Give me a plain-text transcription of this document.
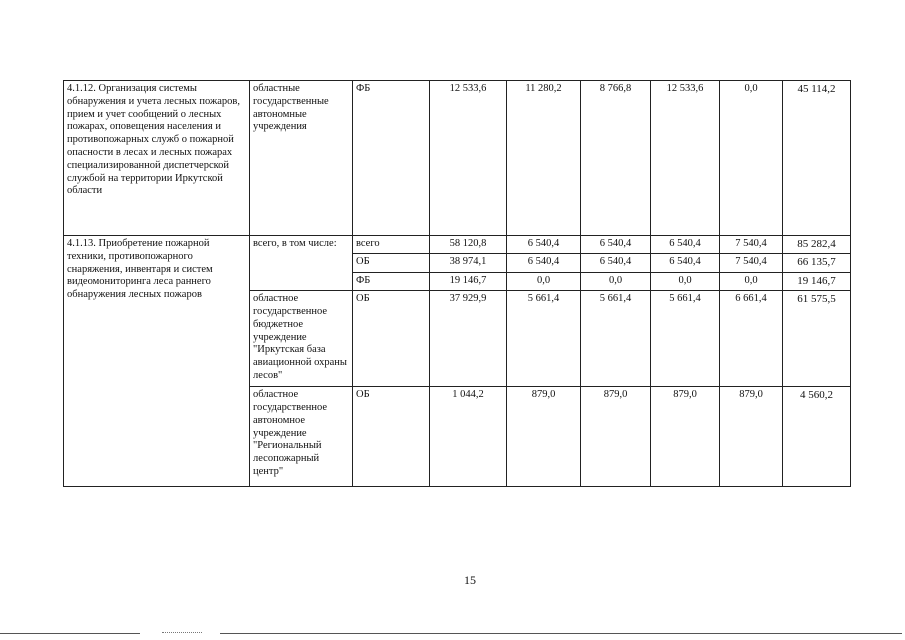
4.1.12. Организация системы обнаружения и учета лесных пожаров, прием и учет сообщений о лесных пожарах, оповещения населения и противопожарных служб о пожарной опасности в лесах и лесных пожарах специализированной диспетчерской службой на территории Иркутской области	областные государственные автономные учреждения	ФБ	12 533,6	11 280,2	8 766,8	12 533,6	0,0	45 114,2
4.1.13. Приобретение пожарной техники, противопожарного снаряжения, инвентаря и систем видеомониторинга леса раннего обнаружения лесных пожаров	всего, в том числе:	всего	58 120,8	6 540,4	6 540,4	6 540,4	7 540,4	85 282,4
		ОБ	38 974,1	6 540,4	6 540,4	6 540,4	7 540,4	66 135,7
		ФБ	19 146,7	0,0	0,0	0,0	0,0	19 146,7
	областное государственное бюджетное учреждение "Иркутская база авиационной охраны лесов"	ОБ	37 929,9	5 661,4	5 661,4	5 661,4	6 661,4	61 575,5
	областное государственное автономное учреждение "Региональный лесопожарный центр"	ОБ	1 044,2	879,0	879,0	879,0	879,0	4 560,2
15
